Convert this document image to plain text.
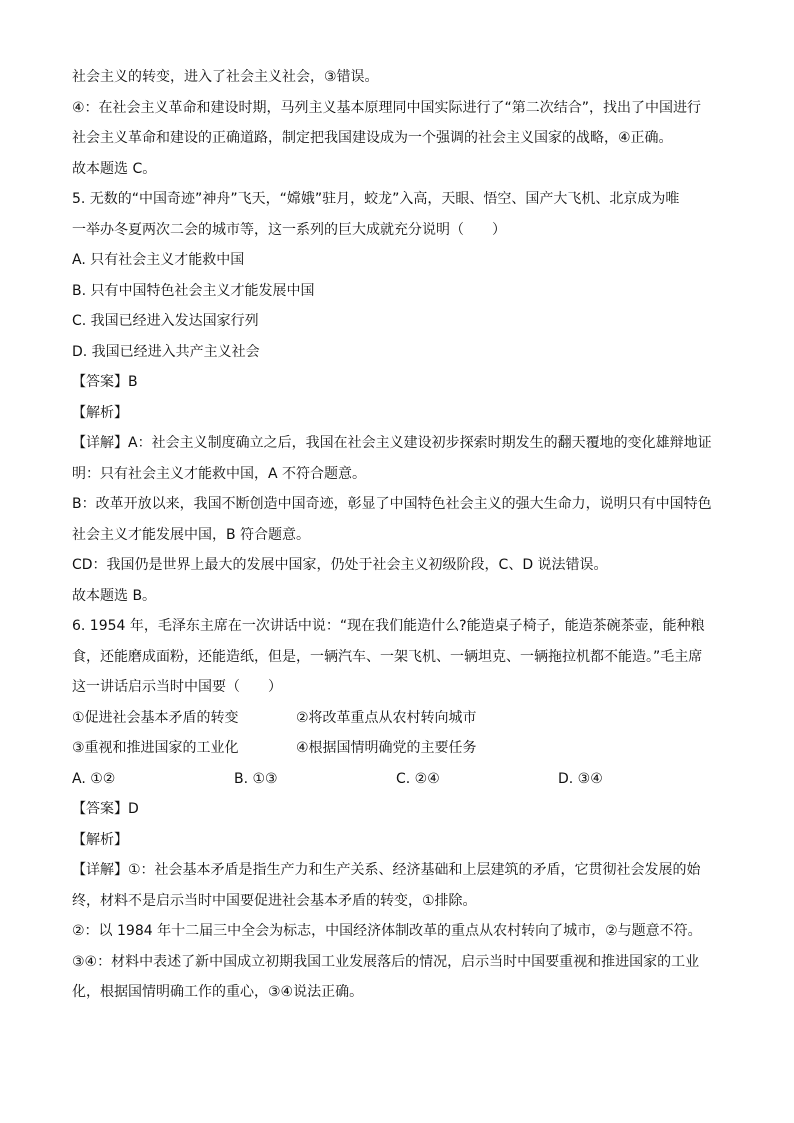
社会主义的转变，进入了社会主义社会，③错误。

④：在社会主义革命和建设时期，马列主义基本原理同中国实际进行了“第二次结合”，找出了中国进行

社会主义革命和建设的正确道路，制定把我国建设成为一个强调的社会主义国家的战略，④正确。

故本题选 C。

5. 无数的“中国奇迹”神舟”飞天，“嫦娥”驻月，蛟龙”入高，天眼、悟空、国产大飞机、北京成为唯

一举办冬夏两次二会的城市等，这一系列的巨大成就充分说明（　　）

A. 只有社会主义才能救中国

B. 只有中国特色社会主义才能发展中国

C. 我国已经进入发达国家行列

D. 我国已经进入共产主义社会

【答案】B

【解析】

【详解】A：社会主义制度确立之后，我国在社会主义建设初步探索时期发生的翻天覆地的变化雄辩地证

明：只有社会主义才能救中国，A 不符合题意。

B：改革开放以来，我国不断创造中国奇迹，彰显了中国特色社会主义的强大生命力，说明只有中国特色

社会主义才能发展中国，B 符合题意。

CD：我国仍是世界上最大的发展中国家，仍处于社会主义初级阶段，C、D 说法错误。

故本题选 B。

6. 1954 年，毛泽东主席在一次讲话中说：“现在我们能造什么?能造桌子椅子，能造茶碗茶壶，能种粮

食，还能磨成面粉，还能造纸，但是，一辆汽车、一架飞机、一辆坦克、一辆拖拉机都不能造。”毛主席

这一讲话启示当时中国要（　　）

①促进社会基本矛盾的转变	②将改革重点从农村转向城市

③重视和推进国家的工业化	④根据国情明确党的主要任务

A. ①②	B. ①③	C. ②④	D. ③④

【答案】D

【解析】

【详解】①：社会基本矛盾是指生产力和生产关系、经济基础和上层建筑的矛盾，它贯彻社会发展的始

终，材料不是启示当时中国要促进社会基本矛盾的转变，①排除。

②：以 1984 年十二届三中全会为标志，中国经济体制改革的重点从农村转向了城市，②与题意不符。

③④：材料中表述了新中国成立初期我国工业发展落后的情况，启示当时中国要重视和推进国家的工业

化，根据国情明确工作的重心，③④说法正确。
